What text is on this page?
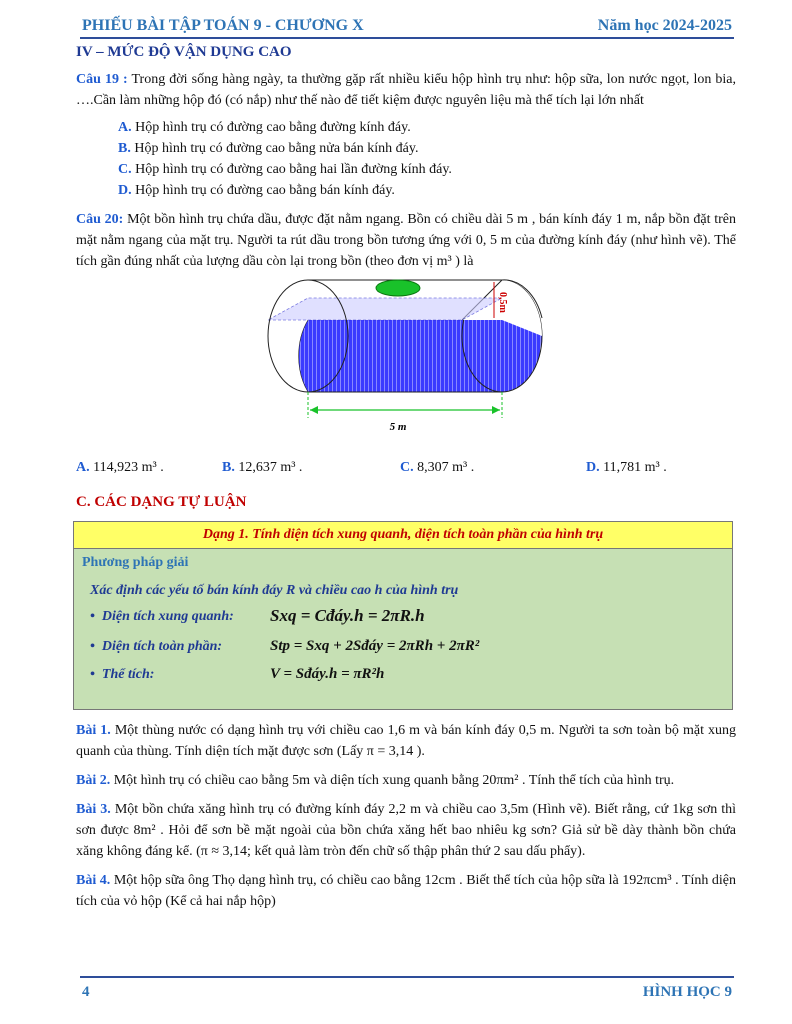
PHIẾU BÀI TẬP TOÁN 9 - CHƯƠNG X	Năm học 2024-2025
IV – MỨC ĐỘ VẬN DỤNG CAO

Câu 19 : Trong đời sống hàng ngày, ta thường gặp rất nhiều kiểu hộp hình trụ như: hộp sữa, lon nước ngọt, lon bia, ….Cần làm những hộp đó (có nắp) như thế nào để tiết kiệm được nguyên liệu mà thể tích lại lớn nhất

A. Hộp hình trụ có đường cao bằng đường kính đáy.
B. Hộp hình trụ có đường cao bằng nửa bán kính đáy.
C. Hộp hình trụ có đường cao bằng hai lần đường kính đáy.
D. Hộp hình trụ có đường cao bằng bán kính đáy.

Câu 20: Một bồn hình trụ chứa dầu, được đặt nằm ngang. Bồn có chiều dài 5 m , bán kính đáy 1 m, nắp bồn đặt trên mặt nằm ngang của mặt trụ. Người ta rút dầu trong bồn tương ứng với 0, 5 m của đường kính đáy (như hình vẽ). Thể tích gần đúng nhất của lượng dầu còn lại trong bồn (theo đơn vị m³ ) là

0,5m
5 m
A. 114,923 m³ .	B. 12,637 m³ .	C. 8,307 m³ .	D. 11,781 m³ .
C. CÁC DẠNG TỰ LUẬN
Dạng 1. Tính diện tích xung quanh, diện tích toàn phần của hình trụ
Phương pháp giải
Xác định các yếu tố bán kính đáy R và chiều cao h của hình trụ
•  Diện tích xung quanh: Sxq = Cđáy.h = 2πR.h
•  Diện tích toàn phần:	Stp = Sxq + 2Sđáy = 2πRh + 2πR²
•  Thể tích:	V = Sđáy.h = πR²h

Bài 1. Một thùng nước có dạng hình trụ với chiều cao 1,6 m và bán kính đáy 0,5 m. Người ta sơn toàn bộ mặt xung quanh của thùng. Tính diện tích mặt được sơn (Lấy π = 3,14 ).

Bài 2. Một hình trụ có chiều cao bằng 5m và diện tích xung quanh bằng 20πm² . Tính thể tích của hình trụ.

Bài 3. Một bồn chứa xăng hình trụ có đường kính đáy 2,2 m và chiều cao 3,5m (Hình vẽ). Biết rằng, cứ 1kg sơn thì sơn được 8m² . Hỏi để sơn bề mặt ngoài của bồn chứa xăng hết bao nhiêu kg sơn? Giả sử bề dày thành bồn chứa xăng không đáng kể. (π ≈ 3,14; kết quả làm tròn đến chữ số thập phân thứ 2 sau dấu phẩy).

Bài 4. Một hộp sữa ông Thọ dạng hình trụ, có chiều cao bằng 12cm . Biết thể tích của hộp sữa là 192πcm³ . Tính diện tích của vỏ hộp (Kể cả hai nắp hộp)

4	HÌNH HỌC 9
